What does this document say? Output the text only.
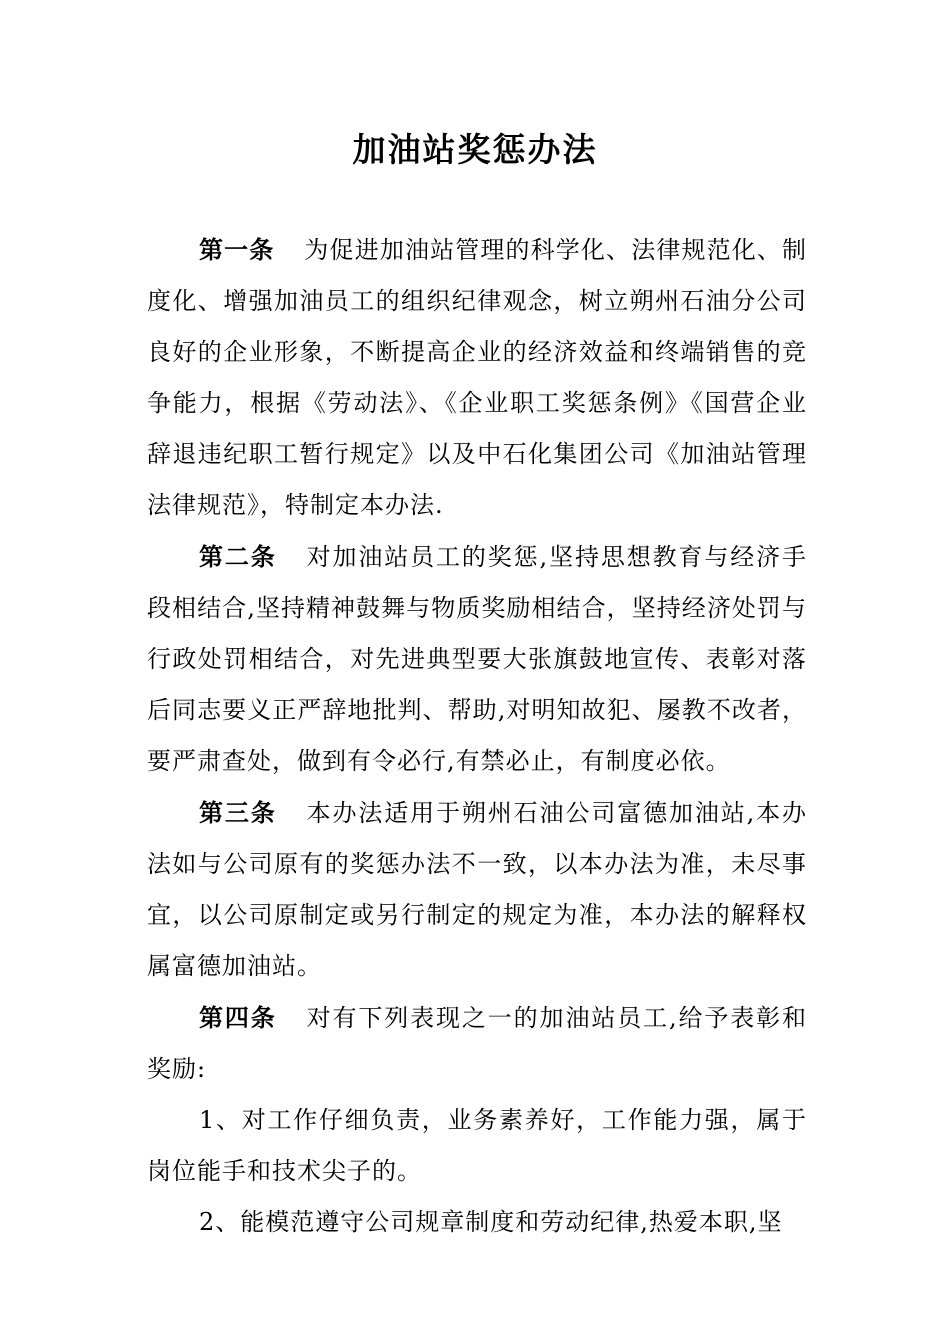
加油站奖惩办法

第一条 为促进加油站管理的科学化、法律规范化、制度化、增强加油员工的组织纪律观念，树立朔州石油分公司良好的企业形象，不断提高企业的经济效益和终端销售的竞争能力，根据《劳动法》、《企业职工奖惩条例》《国营企业辞退违纪职工暂行规定》以及中石化集团公司《加油站管理法律规范》，特制定本办法.

第二条 对加油站员工的奖惩,坚持思想教育与经济手段相结合,坚持精神鼓舞与物质奖励相结合，坚持经济处罚与行政处罚相结合，对先进典型要大张旗鼓地宣传、表彰对落后同志要义正严辞地批判、帮助,对明知故犯、屡教不改者，要严肃查处，做到有令必行,有禁必止，有制度必依。

第三条 本办法适用于朔州石油公司富德加油站,本办法如与公司原有的奖惩办法不一致，以本办法为准，未尽事宜，以公司原制定或另行制定的规定为准，本办法的解释权属富德加油站。

第四条 对有下列表现之一的加油站员工,给予表彰和奖励:

1、对工作仔细负责，业务素养好，工作能力强，属于岗位能手和技术尖子的。

2、能模范遵守公司规章制度和劳动纪律,热爱本职,坚
